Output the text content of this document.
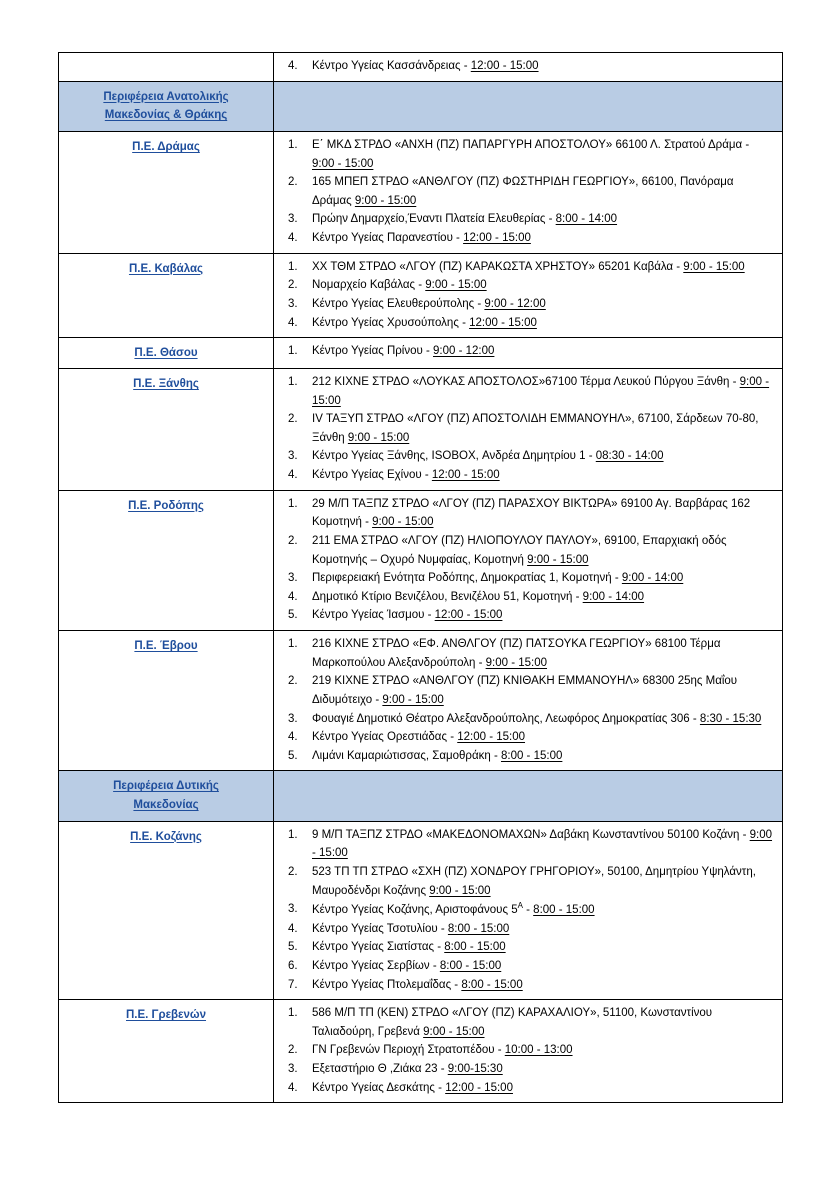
4.	Κέντρο Υγείας Κασσάνδρειας - 12:00 - 15:00

Περιφέρεια Ανατολικής
Μακεδονίας & Θράκης	

Π.Ε. Δράμας	1.	Ε΄ ΜΚΔ ΣΤΡΔΟ «ΑΝΧΗ (ΠΖ) ΠΑΠΑΡΓΥΡΗ ΑΠΟΣΤΟΛΟΥ» 66100 Λ. Στρατού Δράμα - 9:00 - 15:00
2.	165 ΜΠΕΠ ΣΤΡΔΟ «ΑΝΘΛΓΟΥ (ΠΖ) ΦΩΣΤΗΡΙΔΗ ΓΕΩΡΓΙΟΥ», 66100, Πανόραμα Δράμας 9:00 - 15:00
3.	Πρώην Δημαρχείο,Έναντι Πλατεία Ελευθερίας - 8:00 - 14:00
4.	Κέντρο Υγείας Παρανεστίου - 12:00 - 15:00

Π.Ε. Καβάλας	1.	ΧΧ ΤΘΜ ΣΤΡΔΟ «ΛΓΟΥ (ΠΖ) ΚΑΡΑΚΩΣΤΑ ΧΡΗΣΤΟΥ» 65201 Καβάλα - 9:00 - 15:00
2.	Νομαρχείο Καβάλας - 9:00 - 15:00
3.	Κέντρο Υγείας Ελευθερούπολης - 9:00 - 12:00
4.	Κέντρο Υγείας Χρυσούπολης - 12:00 - 15:00

Π.Ε. Θάσου	1.	Κέντρο Υγείας Πρίνου - 9:00 - 12:00

Π.Ε. Ξάνθης	1.	212 ΚΙΧΝΕ ΣΤΡΔΟ «ΛΟΥΚΑΣ ΑΠΟΣΤΟΛΟΣ»67100 Τέρμα Λευκού Πύργου Ξάνθη - 9:00 - 15:00
2.	IV ΤΑΞΥΠ ΣΤΡΔΟ «ΛΓΟΥ (ΠΖ) ΑΠΟΣΤΟΛΙΔΗ ΕΜΜΑΝΟΥΗΛ», 67100, Σάρδεων 70-80, Ξάνθη 9:00 - 15:00
3.	Κέντρο Υγείας Ξάνθης, ISOBOX, Ανδρέα Δημητρίου 1 - 08:30 - 14:00
4.	Κέντρο Υγείας Εχίνου - 12:00 - 15:00

Π.Ε. Ροδόπης	1.	29 Μ/Π ΤΑΞΠΖ ΣΤΡΔΟ «ΛΓΟΥ (ΠΖ) ΠΑΡΑΣΧΟΥ ΒΙΚΤΩΡΑ» 69100 Αγ. Βαρβάρας 162 Κομοτηνή - 9:00 - 15:00
2.	211 ΕΜΑ ΣΤΡΔΟ «ΛΓΟΥ (ΠΖ) ΗΛΙΟΠΟΥΛΟΥ ΠΑΥΛΟΥ», 69100, Επαρχιακή οδός Κομοτηνής – Οχυρό Νυμφαίας, Κομοτηνή 9:00 - 15:00
3.	Περιφερειακή Ενότητα Ροδόπης, Δημοκρατίας 1, Κομοτηνή - 9:00 - 14:00
4.	Δημοτικό Κτίριο Βενιζέλου, Βενιζέλου 51, Κομοτηνή - 9:00 - 14:00
5.	Κέντρο Υγείας Ίασμου - 12:00 - 15:00

Π.Ε. Έβρου	1.	216 ΚΙΧΝΕ ΣΤΡΔΟ «ΕΦ. ΑΝΘΛΓΟΥ (ΠΖ) ΠΑΤΣΟΥΚΑ ΓΕΩΡΓΙΟΥ» 68100 Τέρμα Μαρκοπούλου Αλεξανδρούπολη - 9:00 - 15:00
2.	219 ΚΙΧΝΕ ΣΤΡΔΟ «ΑΝΘΛΓΟΥ (ΠΖ) ΚΝΙΘΑΚΗ ΕΜΜΑΝΟΥΗΛ» 68300 25ης Μαΐου Διδυμότειχο - 9:00 - 15:00
3.	Φουαγιέ Δημοτικό Θέατρο Αλεξανδρούπολης, Λεωφόρος Δημοκρατίας 306 - 8:30 - 15:30
4.	Κέντρο Υγείας Ορεστιάδας - 12:00 - 15:00
5.	Λιμάνι Καμαριώτισσας, Σαμοθράκη - 8:00 - 15:00

Περιφέρεια Δυτικής
Μακεδονίας	

Π.Ε. Κοζάνης	1.	9 Μ/Π ΤΑΞΠΖ ΣΤΡΔΟ «ΜΑΚΕΔΟΝΟΜΑΧΩΝ» Δαβάκη Κωνσταντίνου 50100 Κοζάνη - 9:00 - 15:00
2.	523 ΤΠ ΤΠ ΣΤΡΔΟ «ΣΧΗ (ΠΖ) ΧΟΝΔΡΟΥ ΓΡΗΓΟΡΙΟΥ», 50100, Δημητρίου Υψηλάντη, Μαυροδένδρι Κοζάνης 9:00 - 15:00
3.	Κέντρο Υγείας Κοζάνης, Αριστοφάνους $5^A$ - 8:00 - 15:00
4.	Κέντρο Υγείας Τσοτυλίου - 8:00 - 15:00
5.	Κέντρο Υγείας Σιατίστας - 8:00 - 15:00
6.	Κέντρο Υγείας Σερβίων - 8:00 - 15:00
7.	Κέντρο Υγείας Πτολεμαΐδας - 8:00 - 15:00

Π.Ε. Γρεβενών	1.	586 Μ/Π ΤΠ (ΚΕΝ) ΣΤΡΔΟ «ΛΓΟΥ (ΠΖ) ΚΑΡΑΧΑΛΙΟΥ», 51100, Κωνσταντίνου Ταλιαδούρη, Γρεβενά 9:00 - 15:00
2.	ΓΝ Γρεβενών Περιοχή Στρατοπέδου - 10:00 - 13:00
3.	Εξεταστήριο Θ ,Ζιάκα 23 - 9:00-15:30
4.	Κέντρο Υγείας Δεσκάτης - 12:00 - 15:00
